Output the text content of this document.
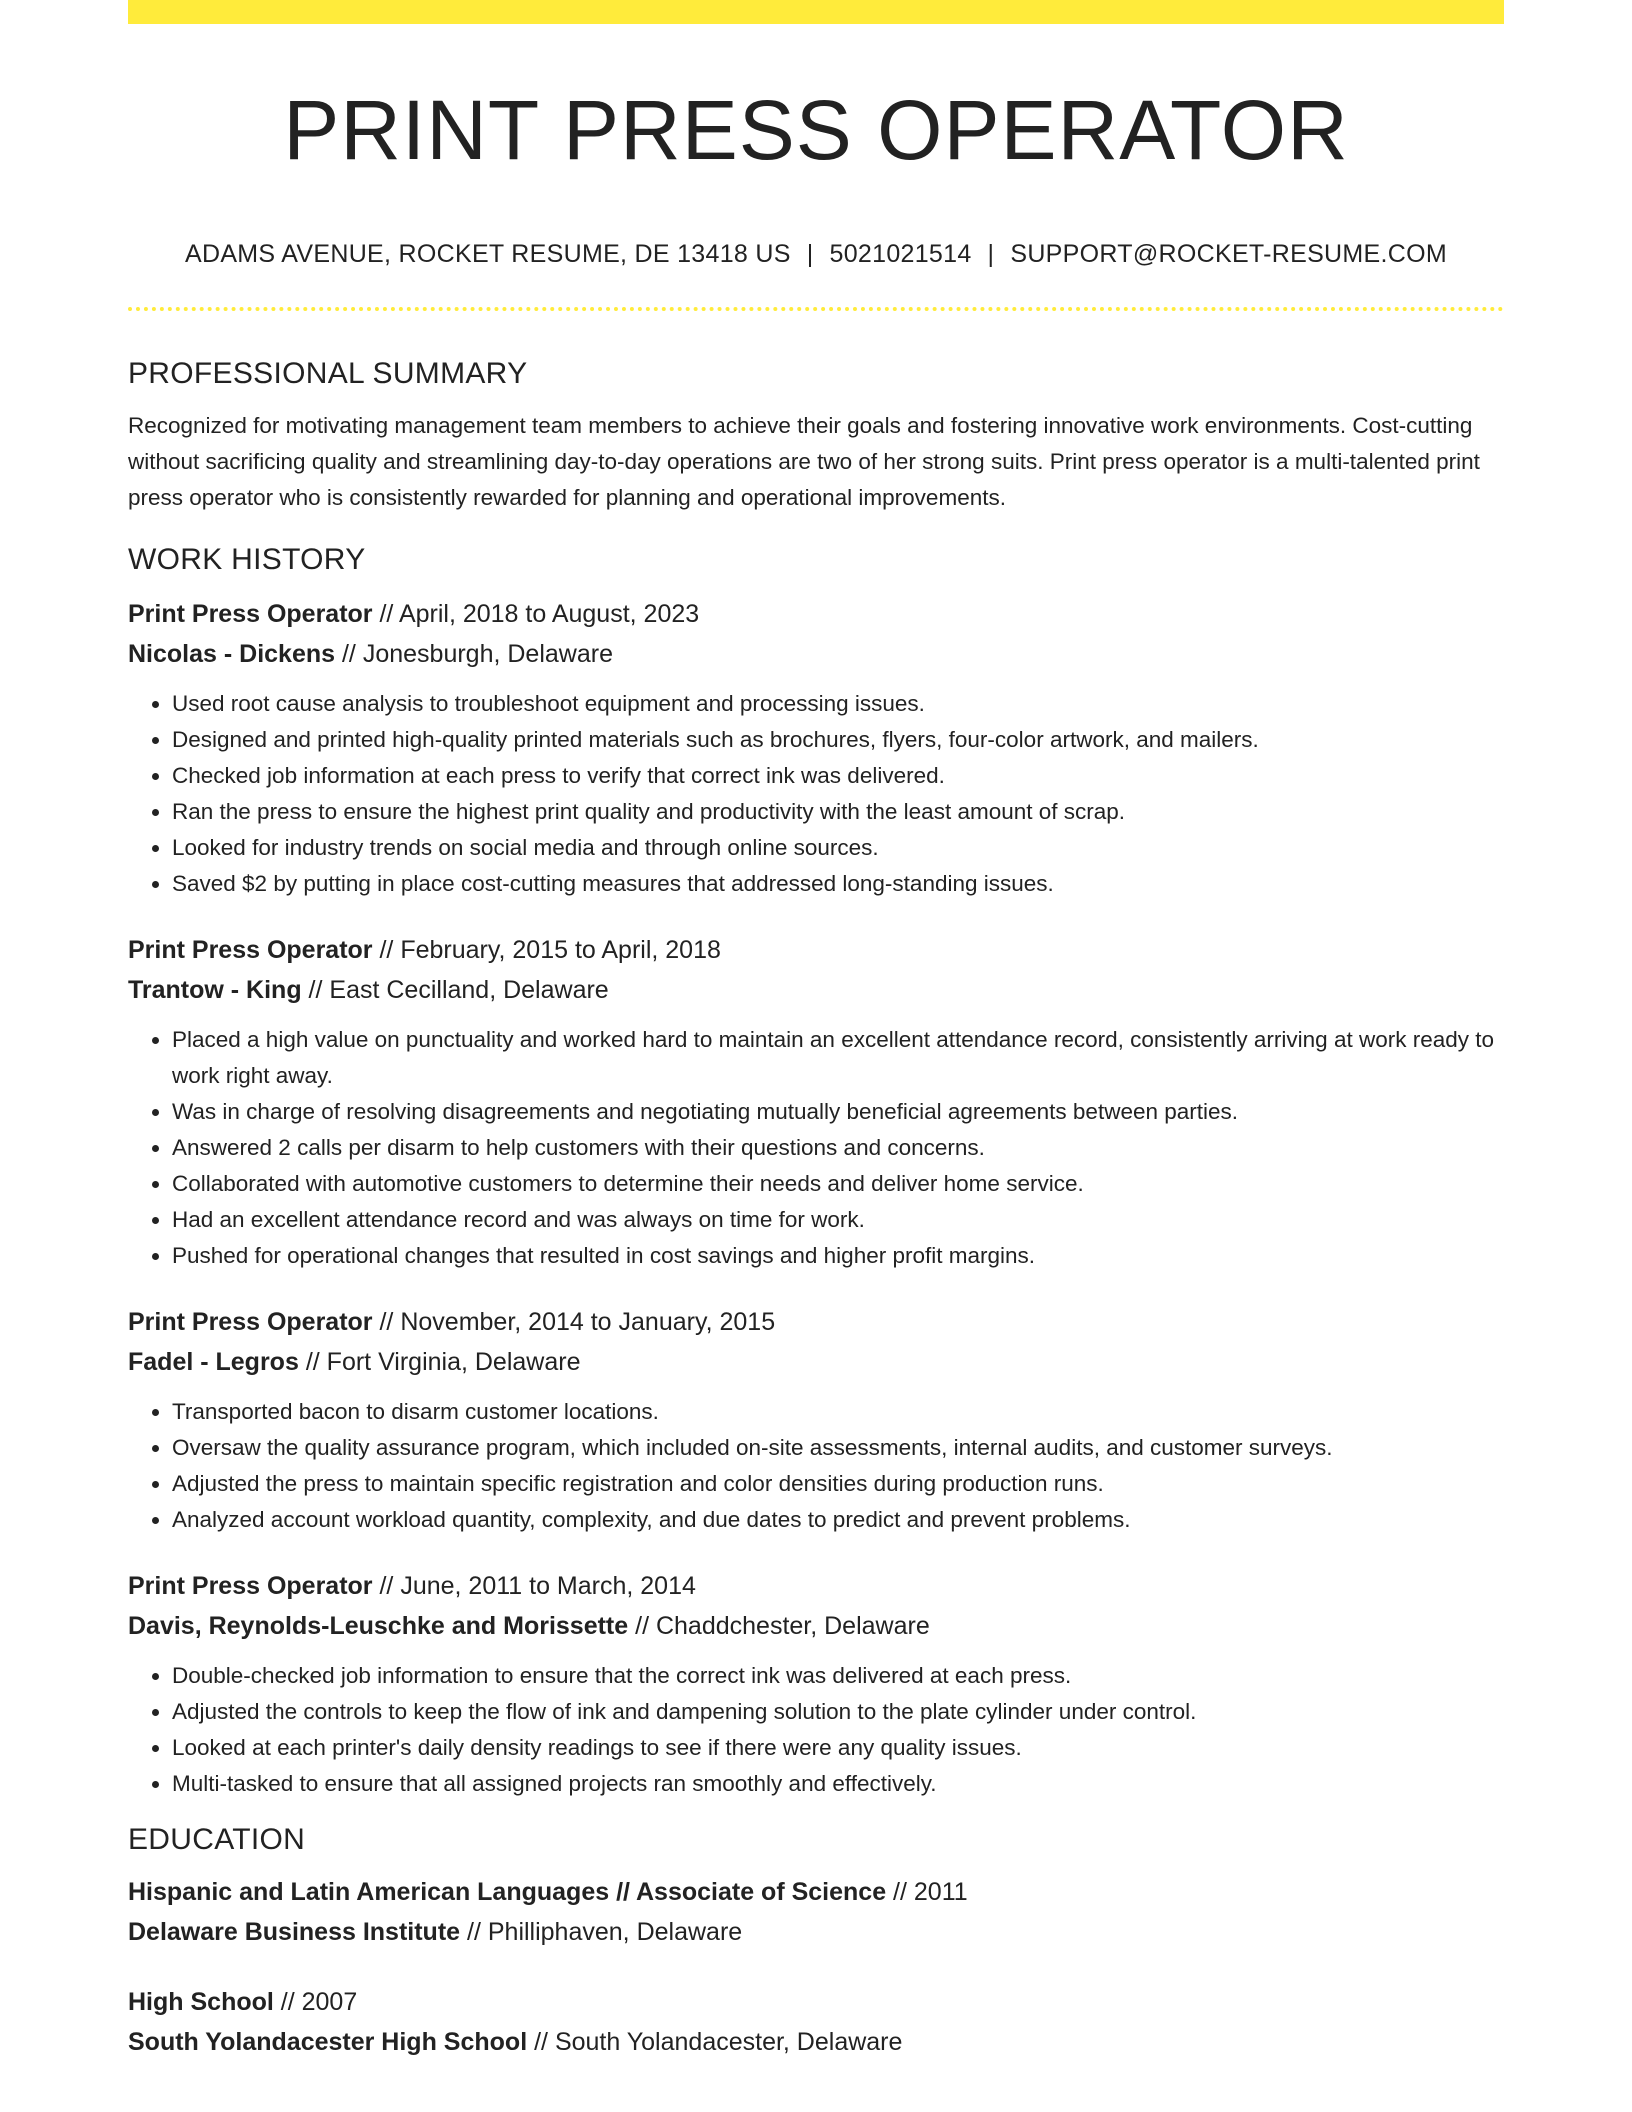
PRINT PRESS OPERATOR
ADAMS AVENUE, ROCKET RESUME, DE 13418 US | 5021021514 | SUPPORT@ROCKET-RESUME.COM
PROFESSIONAL SUMMARY

Recognized for motivating management team members to achieve their goals and fostering innovative work environments. Cost-cutting without sacrificing quality and streamlining day-to-day operations are two of her strong suits. Print press operator is a multi-talented print press operator who is consistently rewarded for planning and operational improvements.

WORK HISTORY
Print Press Operator // April, 2018 to August, 2023
Nicolas - Dickens // Jonesburgh, Delaware
• Used root cause analysis to troubleshoot equipment and processing issues.
• Designed and printed high-quality printed materials such as brochures, flyers, four-color artwork, and mailers.
• Checked job information at each press to verify that correct ink was delivered.
• Ran the press to ensure the highest print quality and productivity with the least amount of scrap.
• Looked for industry trends on social media and through online sources.
• Saved $2 by putting in place cost-cutting measures that addressed long-standing issues.
Print Press Operator // February, 2015 to April, 2018
Trantow - King // East Cecilland, Delaware
• Placed a high value on punctuality and worked hard to maintain an excellent attendance record, consistently arriving at work ready to work right away.
• Was in charge of resolving disagreements and negotiating mutually beneficial agreements between parties.
• Answered 2 calls per disarm to help customers with their questions and concerns.
• Collaborated with automotive customers to determine their needs and deliver home service.
• Had an excellent attendance record and was always on time for work.
• Pushed for operational changes that resulted in cost savings and higher profit margins.
Print Press Operator // November, 2014 to January, 2015
Fadel - Legros // Fort Virginia, Delaware
• Transported bacon to disarm customer locations.
• Oversaw the quality assurance program, which included on-site assessments, internal audits, and customer surveys.
• Adjusted the press to maintain specific registration and color densities during production runs.
• Analyzed account workload quantity, complexity, and due dates to predict and prevent problems.
Print Press Operator // June, 2011 to March, 2014
Davis, Reynolds-Leuschke and Morissette // Chaddchester, Delaware
• Double-checked job information to ensure that the correct ink was delivered at each press.
• Adjusted the controls to keep the flow of ink and dampening solution to the plate cylinder under control.
• Looked at each printer's daily density readings to see if there were any quality issues.
• Multi-tasked to ensure that all assigned projects ran smoothly and effectively.
EDUCATION
Hispanic and Latin American Languages // Associate of Science // 2011
Delaware Business Institute // Philliphaven, Delaware
High School // 2007
South Yolandacester High School // South Yolandacester, Delaware
